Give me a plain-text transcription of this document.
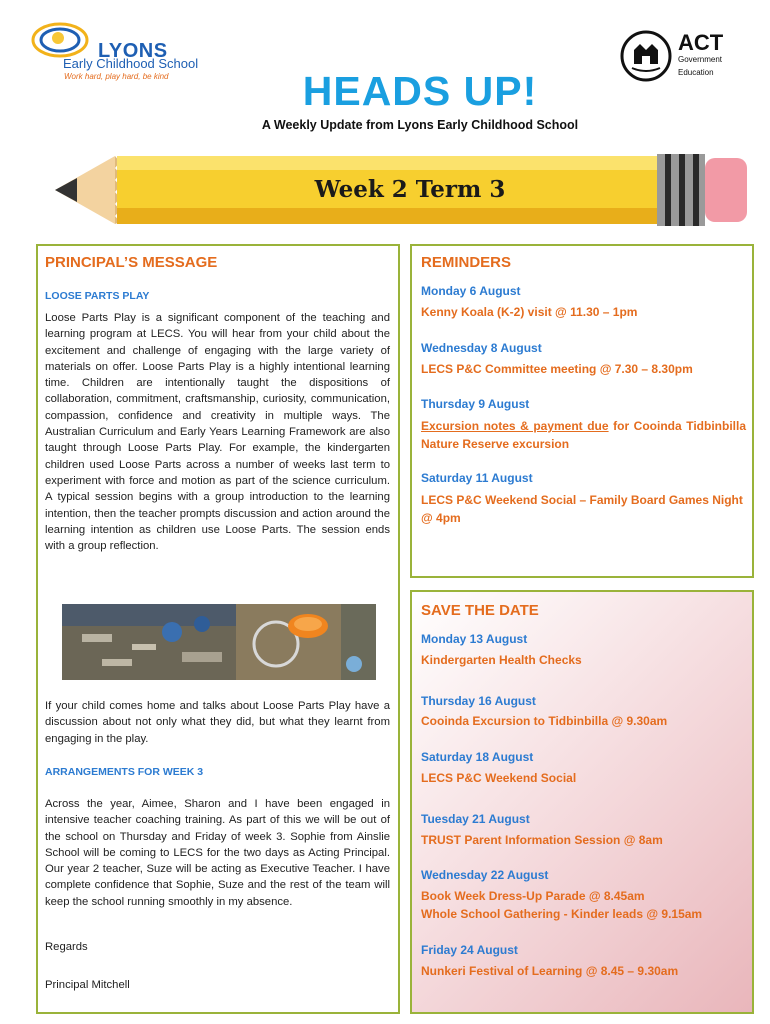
LYONS
Early Childhood School
Work hard, play hard, be kind
ACT
Government
Education
HEADS UP!
A Weekly Update from Lyons Early Childhood School
Week 2 Term 3
PRINCIPAL’S MESSAGE
LOOSE PARTS PLAY
Loose Parts Play is a significant component of the teaching and learning program at LECS. You will hear from your child about the excitement and challenge of engaging with the large variety of materials on offer. Loose Parts Play is a highly intentional learning time. Children are intentionally taught the dispositions of collaboration, commitment, craftsmanship, curiosity, communication, compassion, confidence and creativity in multiple ways. The Australian Curriculum and Early Years Learning Framework are also taught through Loose Parts Play. For example, the kindergarten children used Loose Parts across a number of weeks last term to experiment with force and motion as part of the science curriculum. A typical session begins with a group introduction to the learning intention, then the teacher prompts discussion and action around the learning intention as children use Loose Parts. The session ends with a group reflection.
If your child comes home and talks about Loose Parts Play have a discussion about not only what they did, but what they learnt from engaging in the play.
ARRANGEMENTS FOR WEEK 3
Across the year, Aimee, Sharon and I have been engaged in intensive teacher coaching training. As part of this we will be out of the school on Thursday and Friday of week 3. Sophie from Ainslie School will be coming to LECS for the two days as Acting Principal. Our year 2 teacher, Suze will be acting as Executive Teacher. I have complete confidence that Sophie, Suze and the rest of the team will keep the school running smoothly in my absence.
Regards
Principal Mitchell
REMINDERS
Monday 6 August
Kenny Koala (K-2) visit @ 11.30 – 1pm
Wednesday 8 August
LECS P&C Committee meeting @ 7.30 – 8.30pm
Thursday 9 August
Excursion notes & payment due for Cooinda Tidbinbilla Nature Reserve excursion
Saturday 11 August
LECS P&C Weekend Social – Family Board Games Night @ 4pm
SAVE THE DATE
Monday 13 August
Kindergarten Health Checks
Thursday 16 August
Cooinda Excursion to Tidbinbilla @ 9.30am
Saturday 18 August
LECS P&C Weekend Social
Tuesday 21 August
TRUST Parent Information Session @ 8am
Wednesday 22 August
Book Week Dress-Up Parade @ 8.45am
Whole School Gathering - Kinder leads @ 9.15am
Friday 24 August
Nunkeri Festival of Learning @ 8.45 – 9.30am
